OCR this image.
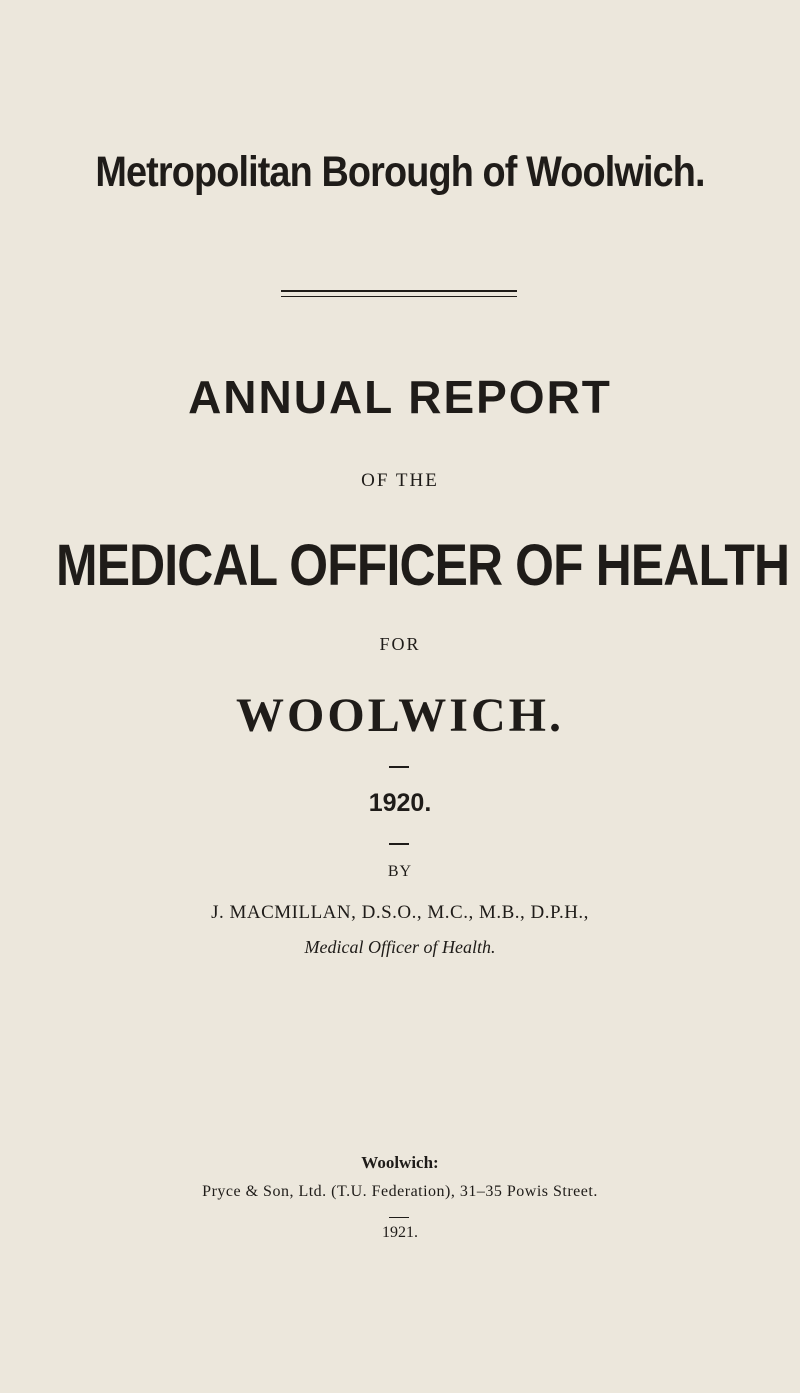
Metropolitan Borough of Woolwich.
ANNUAL REPORT
OF THE
MEDICAL OFFICER OF HEALTH
FOR
WOOLWICH.
1920.
BY
J. MACMILLAN, D.S.O., M.C., M.B., D.P.H.,
Medical Officer of Health.
Woolwich:
Pryce & Son, Ltd. (T.U. Federation), 31–35 Powis Street.
1921.
